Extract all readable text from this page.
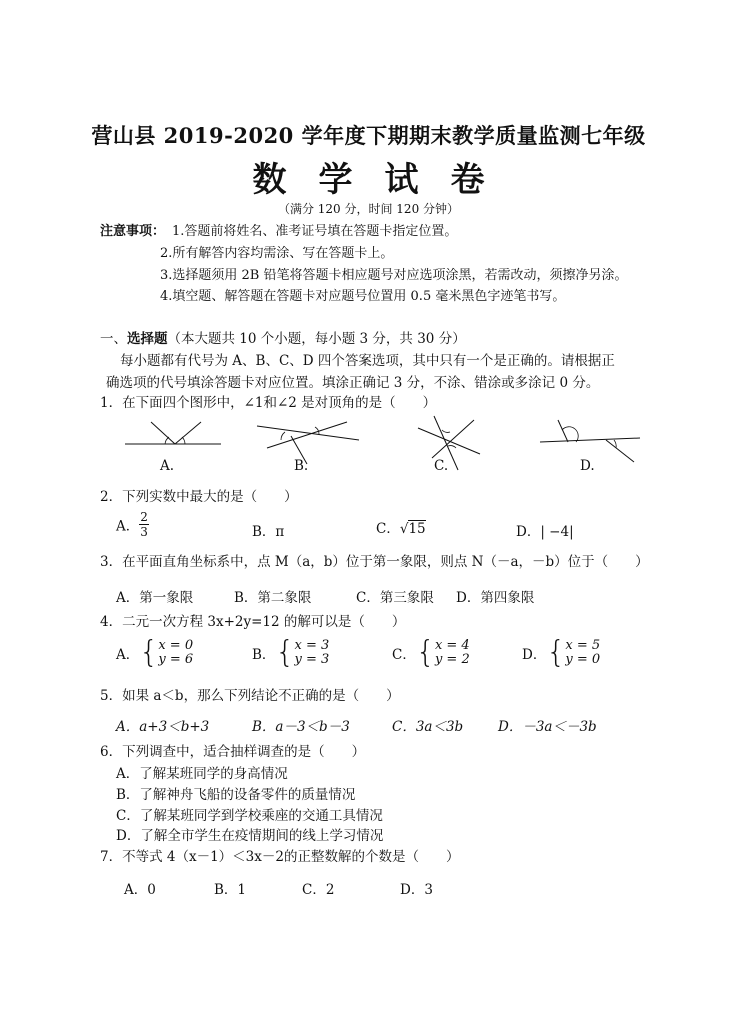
营山县 2019-2020 学年度下期期末教学质量监测七年级
数学试卷
（满分 120 分，时间 120 分钟）
注意事项： 1.答题前将姓名、准考证号填在答题卡指定位置。
2.所有解答内容均需涂、写在答题卡上。
3.选择题须用 2B 铅笔将答题卡相应题号对应选项涂黑，若需改动，须擦净另涂。
4.填空题、解答题在答题卡对应题号位置用 0.5 毫米黑色字迹笔书写。
一、选择题（本大题共 10 个小题，每小题 3 分，共 30 分）
每小题都有代号为 A、B、C、D 四个答案选项，其中只有一个是正确的。请根据正
确选项的代号填涂答题卡对应位置。填涂正确记 3 分，不涂、错涂或多涂记 0 分。
1．在下面四个图形中，∠1和∠2 是对顶角的是（　　）
A.	B.	C.	D.
2．下列实数中最大的是（　　）
A． $\frac{2}{3}$	B．π	C．√15	D．| −4|
3．在平面直角坐标系中，点 M（a，b）位于第一象限，则点 N（－a，－b）位于（　　）
A．第一象限	B．第二象限	C．第三象限 D．第四象限
4．二元一次方程 3x+2y=12 的解可以是（　　）
A．{ x = 0
y = 6	B．{ x = 3
y = 3	C．{ x = 4
y = 2	D．{ x = 5
y = 0
5．如果 a＜b，那么下列结论不正确的是（　　）
A．a+3＜b+3	B．a－3＜b－3	C．3a＜3b	D．－3a＜－3b
6．下列调查中，适合抽样调查的是（　　）
A．了解某班同学的身高情况
B．了解神舟飞船的设备零件的质量情况
C．了解某班同学到学校乘座的交通工具情况
D．了解全市学生在疫情期间的线上学习情况
7．不等式 4（x－1）＜3x－2的正整数解的个数是（　　）
A．0	B．1	C．2	D．3
